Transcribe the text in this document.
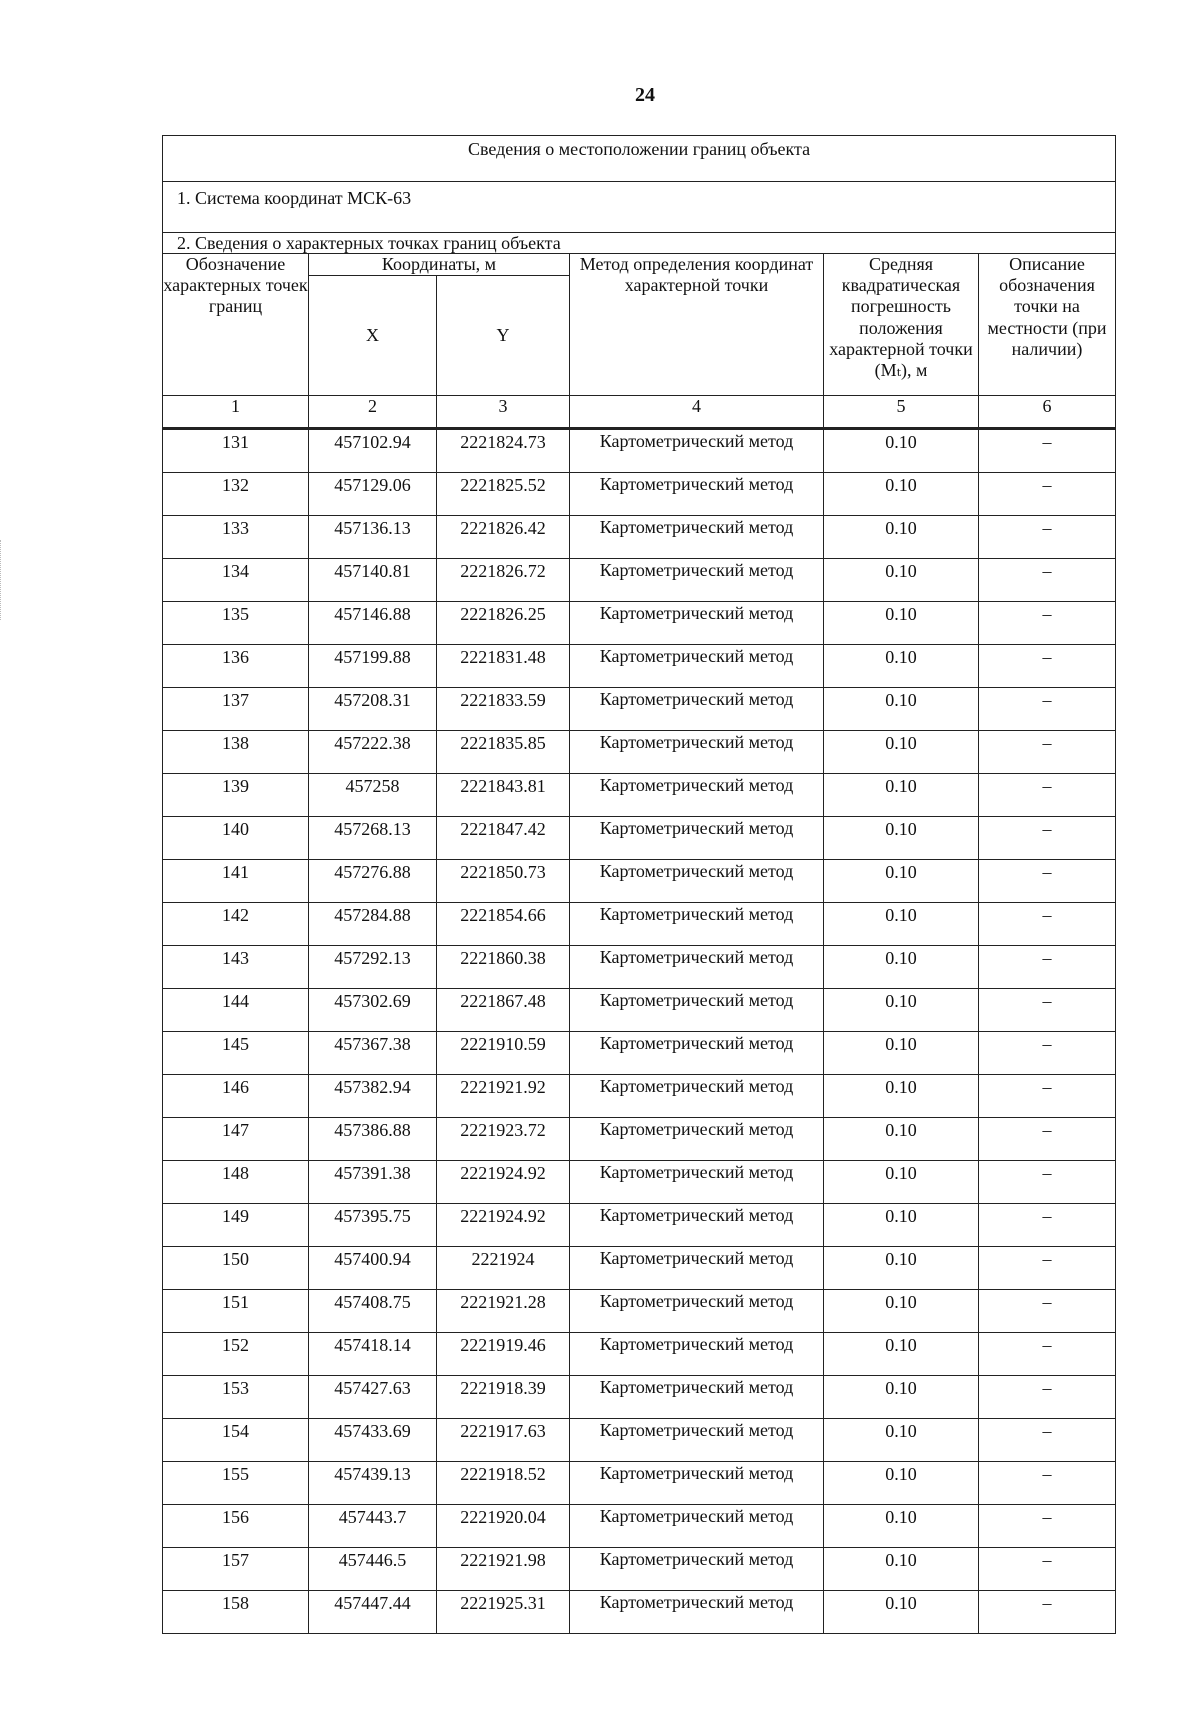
24
Сведения о местоположении границ объекта					
1. Система координат МСК-63					
2. Сведения о характерных точках границ объекта					
Обозначение характерных точек границ	Координаты, м		Метод определения координат характерной точки	Средняя квадратическая погрешность положения характерной точки (Mₜ), м	Описание обозначения точки на местности (при наличии)
	X	Y			
1	2	3	4	5	6
131	457102.94	2221824.73	Картометрический метод	0.10	–
132	457129.06	2221825.52	Картометрический метод	0.10	–
133	457136.13	2221826.42	Картометрический метод	0.10	–
134	457140.81	2221826.72	Картометрический метод	0.10	–
135	457146.88	2221826.25	Картометрический метод	0.10	–
136	457199.88	2221831.48	Картометрический метод	0.10	–
137	457208.31	2221833.59	Картометрический метод	0.10	–
138	457222.38	2221835.85	Картометрический метод	0.10	–
139	457258	2221843.81	Картометрический метод	0.10	–
140	457268.13	2221847.42	Картометрический метод	0.10	–
141	457276.88	2221850.73	Картометрический метод	0.10	–
142	457284.88	2221854.66	Картометрический метод	0.10	–
143	457292.13	2221860.38	Картометрический метод	0.10	–
144	457302.69	2221867.48	Картометрический метод	0.10	–
145	457367.38	2221910.59	Картометрический метод	0.10	–
146	457382.94	2221921.92	Картометрический метод	0.10	–
147	457386.88	2221923.72	Картометрический метод	0.10	–
148	457391.38	2221924.92	Картометрический метод	0.10	–
149	457395.75	2221924.92	Картометрический метод	0.10	–
150	457400.94	2221924	Картометрический метод	0.10	–
151	457408.75	2221921.28	Картометрический метод	0.10	–
152	457418.14	2221919.46	Картометрический метод	0.10	–
153	457427.63	2221918.39	Картометрический метод	0.10	–
154	457433.69	2221917.63	Картометрический метод	0.10	–
155	457439.13	2221918.52	Картометрический метод	0.10	–
156	457443.7	2221920.04	Картометрический метод	0.10	–
157	457446.5	2221921.98	Картометрический метод	0.10	–
158	457447.44	2221925.31	Картометрический метод	0.10	–
